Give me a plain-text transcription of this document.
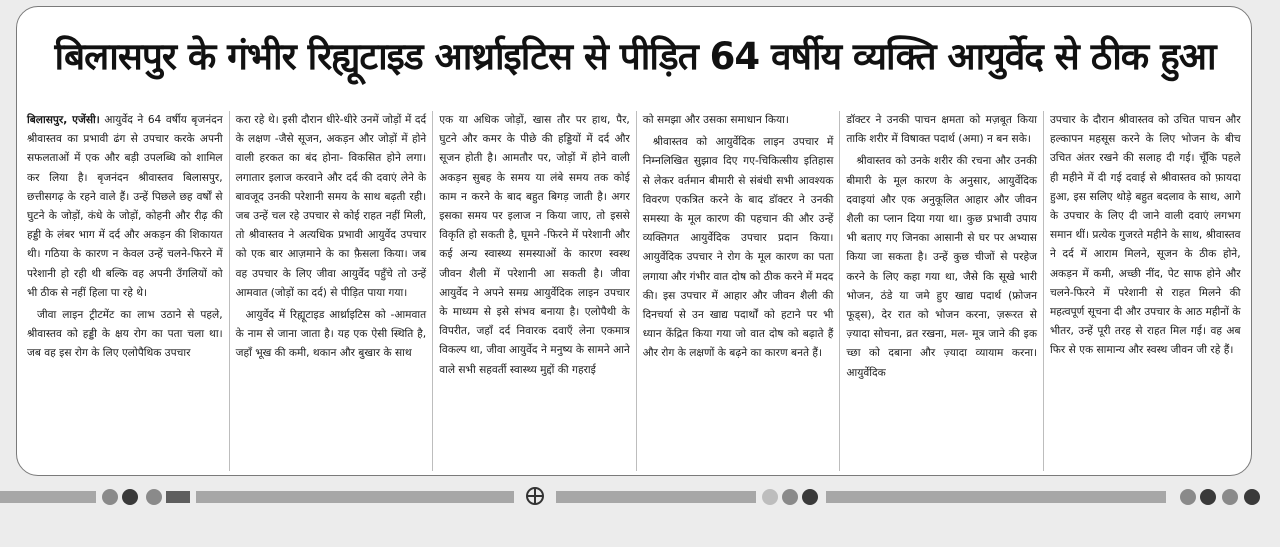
बिलासपुर के गंभीर रिह्यूटाइड आर्थ्राइटिस से पीड़ित 64 वर्षीय व्यक्ति आयुर्वेद से ठीक हुआ

बिलासपुर, एजेंसी। आयुर्वेद ने 64 वर्षीय बृजनंदन श्रीवास्तव का प्रभावी ढंग से उपचार करके अपनी सफलताओं में एक और बड़ी उपलब्धि को शामिल कर लिया है। बृजनंदन श्रीवास्तव बिलासपुर, छत्तीसगढ़ के रहने वाले हैं। उन्हें पिछले छह वर्षों से घुटने के जोड़ों, कंधे के जोड़ों, कोहनी और रीढ़ की हड्डी के लंबर भाग में दर्द और अकड़न की शिकायत थी। गठिया के कारण न केवल उन्हें चलने-फिरने में परेशानी हो रही थी बल्कि वह अपनी उँगलियों को भी ठीक से नहीं हिला पा रहे थे।

जीवा लाइन ट्रीटमेंट का लाभ उठाने से पहले, श्रीवास्तव को हड्डी के क्षय रोग का पता चला था। जब वह इस रोग के लिए एलोपैथिक उपचार

करा रहे थे। इसी दौरान धीरे-धीरे उनमें जोड़ों में दर्द के लक्षण -जैसे सूजन, अकड़न और जोड़ों में होने वाली हरकत का बंद होना- विकसित होने लगा। लगातार इलाज करवाने और दर्द की दवाएं लेने के बावजूद उनकी परेशानी समय के साथ बढ़ती रही। जब उन्हें चल रहे उपचार से कोई राहत नहीं मिली, तो श्रीवास्तव ने अत्यधिक प्रभावी आयुर्वेद उपचार को एक बार आज़माने के का फ़ैसला किया। जब वह उपचार के लिए जीवा आयुर्वेद पहुँचे तो उन्हें आमवात (जोड़ों का दर्द) से पीड़ित पाया गया।

आयुर्वेद में रिह्यूटाइड आर्थ्राइटिस को -आमवात के नाम से जाना जाता है। यह एक ऐसी स्थिति है, जहाँ भूख की कमी, थकान और बुखार के साथ

एक या अधिक जोड़ों, खास तौर पर हाथ, पैर, घुटने और कमर के पीछे की हड्डियों में दर्द और सूजन होती है। आमतौर पर, जोड़ों में होने वाली अकड़न सुबह के समय या लंबे समय तक कोई काम न करने के बाद बहुत बिगड़ जाती है। अगर इसका समय पर इलाज न किया जाए, तो इससे विकृति हो सकती है, घूमने -फिरने में परेशानी और कई अन्य स्वास्थ्य समस्याओं के कारण स्वस्थ जीवन शैली में परेशानी आ सकती है। जीवा आयुर्वेद ने अपने समग्र आयुर्वेदिक लाइन उपचार के माध्यम से इसे संभव बनाया है। एलोपैथी के विपरीत, जहाँ दर्द निवारक दवाएँ लेना एकमात्र विकल्प था, जीवा आयुर्वेद ने मनुष्य के सामने आने वाले सभी सहवर्ती स्वास्थ्य मुद्दों की गहराई

को समझा और उसका समाधान किया।

श्रीवास्तव को आयुर्वेदिक लाइन उपचार में निम्नलिखित सुझाव दिए गए-चिकित्सीय इतिहास से लेकर वर्तमान बीमारी से संबंधी सभी आवश्यक विवरण एकत्रित करने के बाद डॉक्टर ने उनकी समस्या के मूल कारण की पहचान की और उन्हें व्यक्तिगत आयुर्वेदिक उपचार प्रदान किया।आयुर्वेदिक उपचार ने रोग के मूल कारण का पता लगाया और गंभीर वात दोष को ठीक करने में मदद की। इस उपचार में आहार और जीवन शैली की दिनचर्या से उन खाद्य पदार्थों को हटाने पर भी ध्यान केंद्रित किया गया जो वात दोष को बढ़ाते हैं और रोग के लक्षणों के बढ़ने का कारण बनते हैं।

डॉक्टर ने उनकी पाचन क्षमता को मज़बूत किया ताकि शरीर में विषाक्त पदार्थ (अमा) न बन सके।

श्रीवास्तव को उनके शरीर की रचना और उनकी बीमारी के मूल कारण के अनुसार, आयुर्वेदिक दवाइयां और एक अनुकूलित आहार और जीवन शैली का प्लान दिया गया था। कुछ प्रभावी उपाय भी बताए गए जिनका आसानी से घर पर अभ्यास किया जा सकता है। उन्हें कुछ चीजों से परहेज करने के लिए कहा गया था, जैसे कि सूखे भारी भोजन, ठंडे या जमे हुए खाद्य पदार्थ (फ्रोजन फूड्स), देर रात को भोजन करना, ज़रूरत से ज़्यादा सोचना, व्रत रखना, मल- मूत्र जाने की इक च्छा को दबाना और ज़्यादा व्यायाम करना। आयुर्वेदिक

उपचार के दौरान श्रीवास्तव को उचित पाचन और हल्कापन महसूस करने के लिए भोजन के बीच उचित अंतर रखने की सलाह दी गई। चूँकि पहले ही महीने में दी गई दवाई से श्रीवास्तव को फ़ायदा हुआ, इस सलिए थोड़े बहुत बदलाव के साथ, आगे के उपचार के लिए दी जाने वाली दवाएं लगभग समान थीं। प्रत्येक गुजरते महीने के साथ, श्रीवास्तव ने दर्द में आराम मिलने, सूजन के ठीक होने, अकड़न में कमी, अच्छी नींद, पेट साफ होने और चलने-फिरने में परेशानी से राहत मिलने की महत्वपूर्ण सूचना दी और उपचार के आठ महीनों के भीतर, उन्हें पूरी तरह से राहत मिल गई। वह अब फिर से एक सामान्य और स्वस्थ जीवन जी रहे हैं।
